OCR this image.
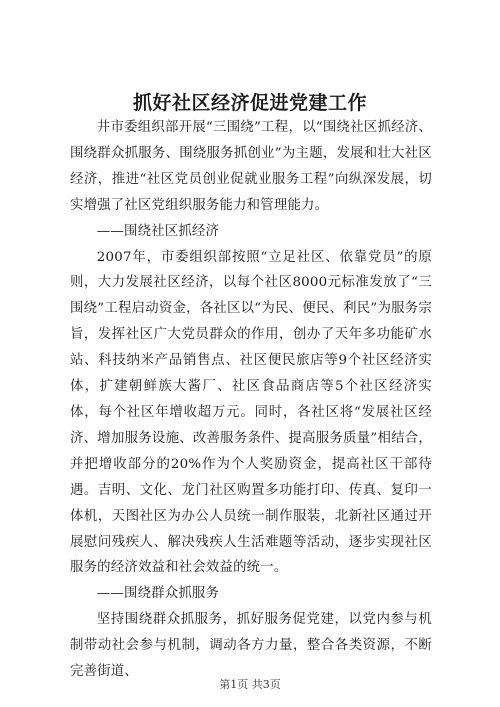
抓好社区经济促进党建工作

井市委组织部开展“三围绕”工程，以“围绕社区抓经济、围绕群众抓服务、围绕服务抓创业”为主题，发展和壮大社区经济，推进“社区党员创业促就业服务工程”向纵深发展，切实增强了社区党组织服务能力和管理能力。

——围绕社区抓经济

2007年，市委组织部按照“立足社区、依靠党员”的原则，大力发展社区经济，以每个社区8000元标准发放了“三围绕”工程启动资金，各社区以“为民、便民、利民”为服务宗旨，发挥社区广大党员群众的作用，创办了天年多功能矿水站、科技纳米产品销售点、社区便民旅店等9个社区经济实体，扩建朝鲜族大酱厂、社区食品商店等5个社区经济实体，每个社区年增收超万元。同时，各社区将“发展社区经济、增加服务设施、改善服务条件、提高服务质量”相结合，并把增收部分的20%作为个人奖励资金，提高社区干部待遇。吉明、文化、龙门社区购置多功能打印、传真、复印一体机，天图社区为办公人员统一制作服装，北新社区通过开展慰问残疾人、解决残疾人生活难题等活动，逐步实现社区服务的经济效益和社会效益的统一。

——围绕群众抓服务

坚持围绕群众抓服务，抓好服务促党建，以党内参与机制带动社会参与机制，调动各方力量，整合各类资源，不断完善街道、

第1页 共3页
